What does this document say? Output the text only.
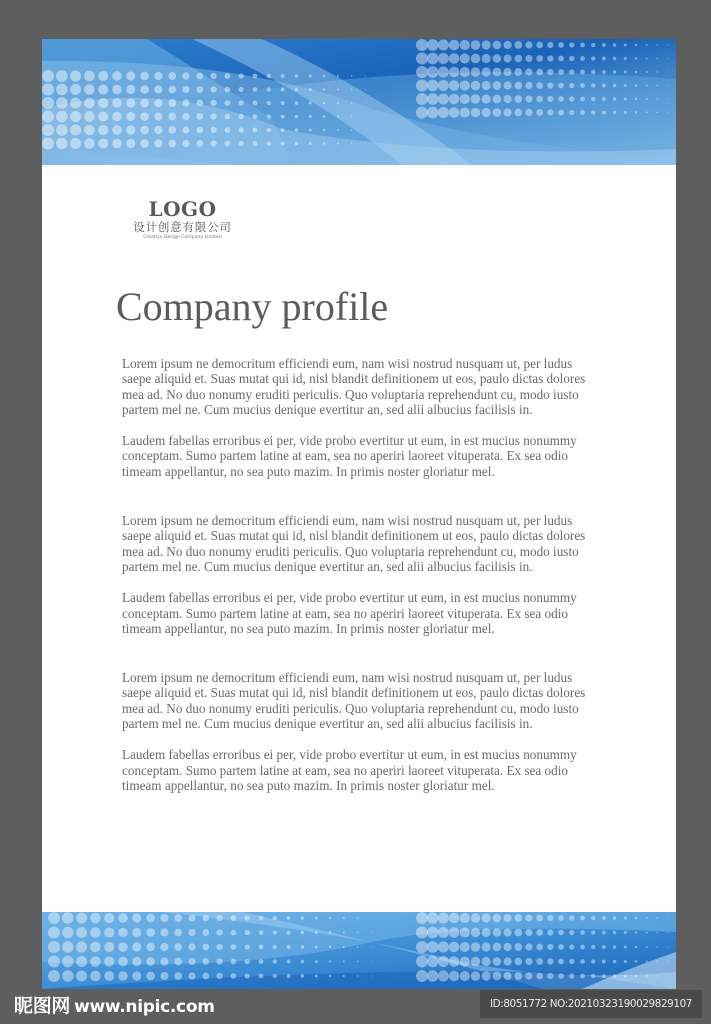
LOGO
设计创意有限公司
Creative Design Company Limited
Company profile

Lorem ipsum ne democritum efficiendi eum, nam wisi nostrud nusquam ut, per ludus
saepe aliquid et. Suas mutat qui id, nisl blandit definitionem ut eos, paulo dictas dolores
mea ad. No duo nonumy eruditi periculis. Quo voluptaria reprehendunt cu, modo iusto
partem mel ne. Cum mucius denique evertitur an, sed alii albucius facilisis in.

Laudem fabellas erroribus ei per, vide probo evertitur ut eum, in est mucius nonummy
conceptam. Sumo partem latine at eam, sea no aperiri laoreet vituperata. Ex sea odio
timeam appellantur, no sea puto mazim. In primis noster gloriatur mel.

Lorem ipsum ne democritum efficiendi eum, nam wisi nostrud nusquam ut, per ludus
saepe aliquid et. Suas mutat qui id, nisl blandit definitionem ut eos, paulo dictas dolores
mea ad. No duo nonumy eruditi periculis. Quo voluptaria reprehendunt cu, modo iusto
partem mel ne. Cum mucius denique evertitur an, sed alii albucius facilisis in.

Laudem fabellas erroribus ei per, vide probo evertitur ut eum, in est mucius nonummy
conceptam. Sumo partem latine at eam, sea no aperiri laoreet vituperata. Ex sea odio
timeam appellantur, no sea puto mazim. In primis noster gloriatur mel.

Lorem ipsum ne democritum efficiendi eum, nam wisi nostrud nusquam ut, per ludus
saepe aliquid et. Suas mutat qui id, nisl blandit definitionem ut eos, paulo dictas dolores
mea ad. No duo nonumy eruditi periculis. Quo voluptaria reprehendunt cu, modo iusto
partem mel ne. Cum mucius denique evertitur an, sed alii albucius facilisis in.

Laudem fabellas erroribus ei per, vide probo evertitur ut eum, in est mucius nonummy
conceptam. Sumo partem latine at eam, sea no aperiri laoreet vituperata. Ex sea odio
timeam appellantur, no sea puto mazim. In primis noster gloriatur mel.

昵图网 www.nipic.com	ID:8051772 NO:20210323190029829107
